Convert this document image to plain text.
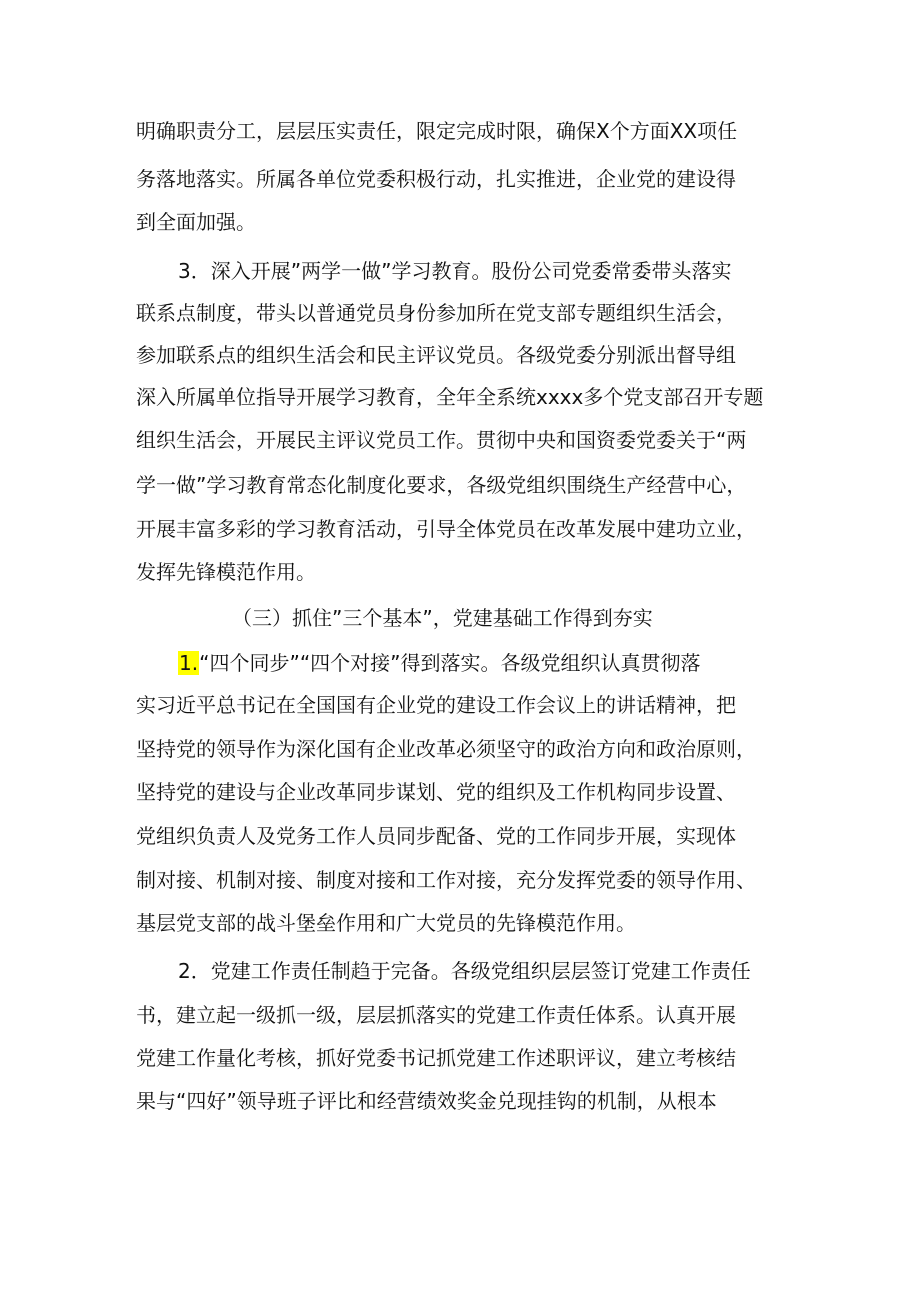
明确职责分工，层层压实责任，限定完成时限，确保X个方面XX项任
务落地落实。所属各单位党委积极行动，扎实推进，企业党的建设得
到全面加强。
3．深入开展”两学一做”学习教育。股份公司党委常委带头落实
联系点制度，带头以普通党员身份参加所在党支部专题组织生活会，
参加联系点的组织生活会和民主评议党员。各级党委分别派出督导组
深入所属单位指导开展学习教育，全年全系统xxxx多个党支部召开专题
组织生活会，开展民主评议党员工作。贯彻中央和国资委党委关于“两
学一做”学习教育常态化制度化要求，各级党组织围绕生产经营中心，
开展丰富多彩的学习教育活动，引导全体党员在改革发展中建功立业，
发挥先锋模范作用。
（三）抓住”三个基本”，党建基础工作得到夯实
1.“四个同步”“四个对接”得到落实。各级党组织认真贯彻落
实习近平总书记在全国国有企业党的建设工作会议上的讲话精神，把
坚持党的领导作为深化国有企业改革必须坚守的政治方向和政治原则，
坚持党的建设与企业改革同步谋划、党的组织及工作机构同步设置、
党组织负责人及党务工作人员同步配备、党的工作同步开展，实现体
制对接、机制对接、制度对接和工作对接，充分发挥党委的领导作用、
基层党支部的战斗堡垒作用和广大党员的先锋模范作用。
2．党建工作责任制趋于完备。各级党组织层层签订党建工作责任
书，建立起一级抓一级，层层抓落实的党建工作责任体系。认真开展
党建工作量化考核，抓好党委书记抓党建工作述职评议，建立考核结
果与“四好”领导班子评比和经营绩效奖金兑现挂钩的机制，从根本
